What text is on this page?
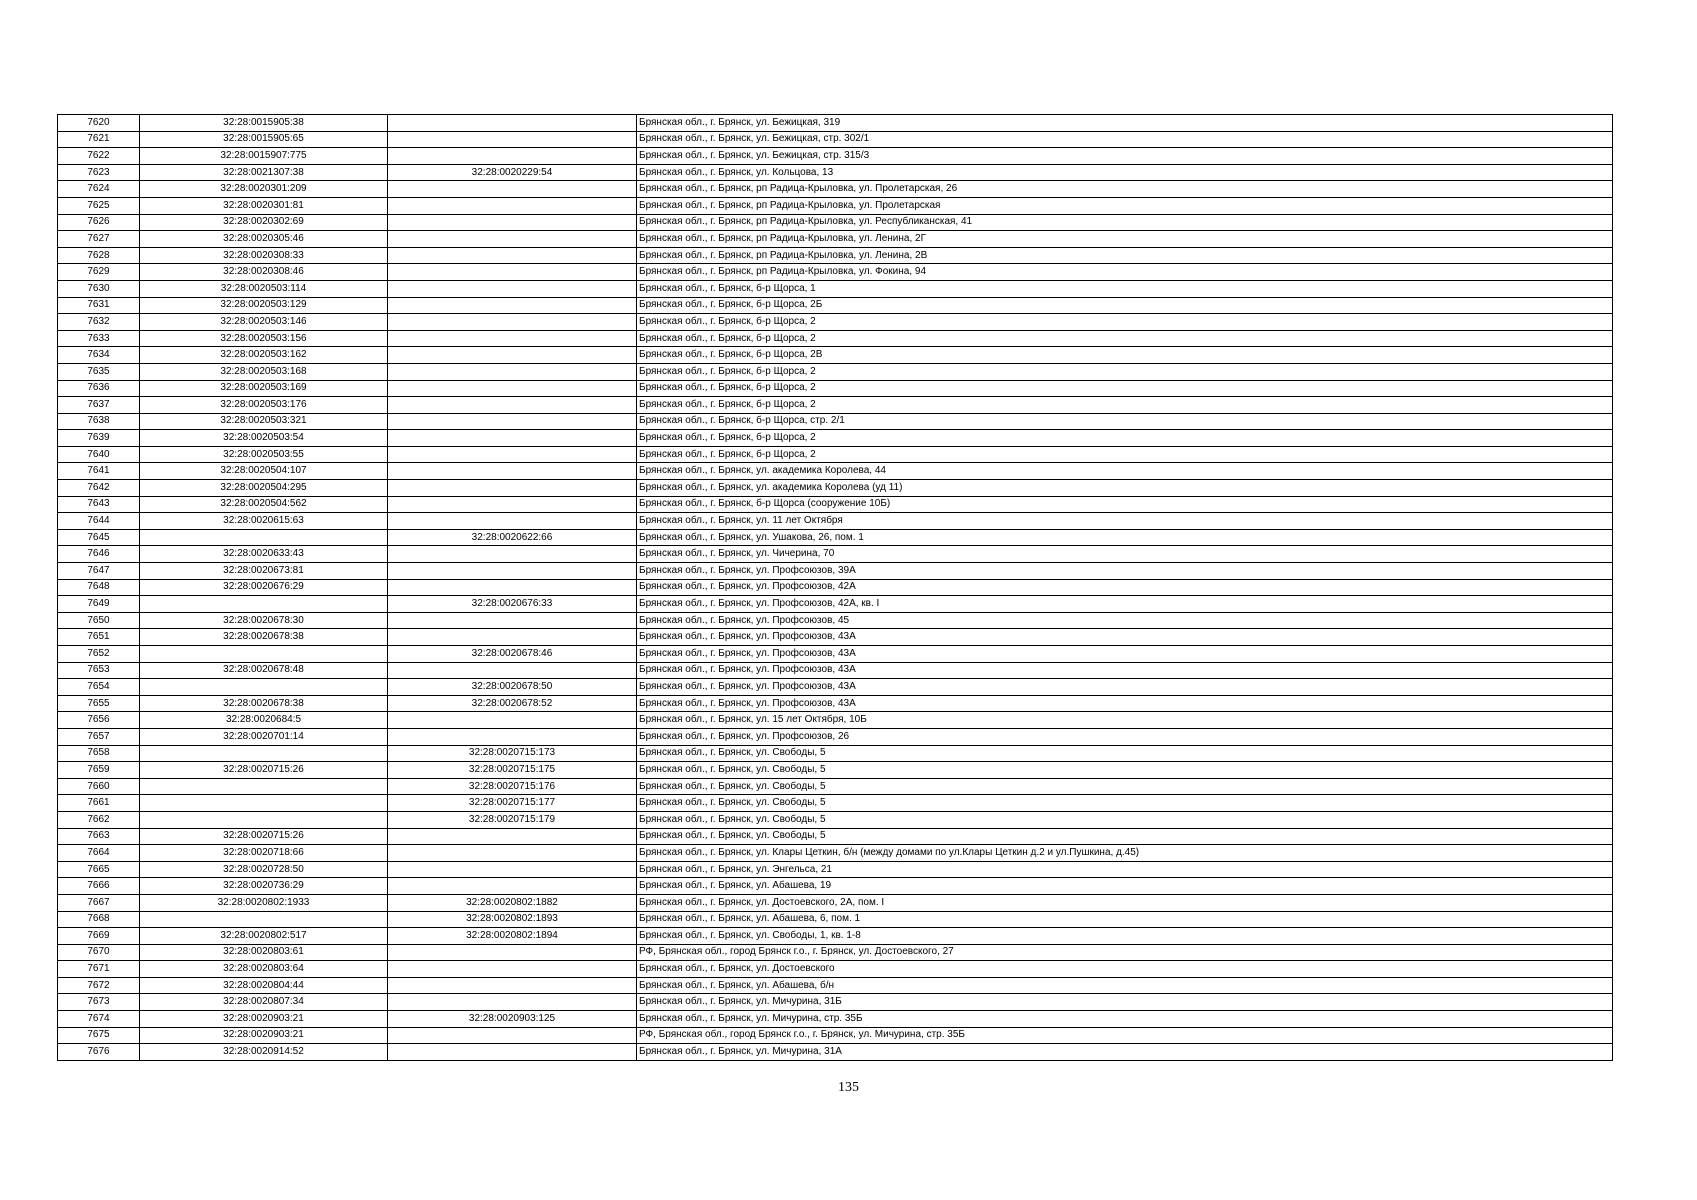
7620	32:28:0015905:38		Брянская обл., г. Брянск, ул. Бежицкая, 319
7621	32:28:0015905:65		Брянская обл., г. Брянск, ул. Бежицкая, стр. 302/1
7622	32:28:0015907:775		Брянская обл., г. Брянск, ул. Бежицкая, стр. 315/3
7623	32:28:0021307:38	32:28:0020229:54	Брянская обл., г. Брянск, ул. Кольцова, 13
7624	32:28:0020301:209		Брянская обл., г. Брянск, рп Радица-Крыловка, ул. Пролетарская, 26
7625	32:28:0020301:81		Брянская обл., г. Брянск, рп Радица-Крыловка, ул. Пролетарская
7626	32:28:0020302:69		Брянская обл., г. Брянск, рп Радица-Крыловка, ул. Республиканская, 41
7627	32:28:0020305:46		Брянская обл., г. Брянск, рп Радица-Крыловка, ул. Ленина, 2Г
7628	32:28:0020308:33		Брянская обл., г. Брянск, рп Радица-Крыловка, ул. Ленина, 2В
7629	32:28:0020308:46		Брянская обл., г. Брянск, рп Радица-Крыловка, ул. Фокина, 94
7630	32:28:0020503:114		Брянская обл., г. Брянск, б-р Щорса, 1
7631	32:28:0020503:129		Брянская обл., г. Брянск, б-р Щорса, 2Б
7632	32:28:0020503:146		Брянская обл., г. Брянск, б-р Щорса, 2
7633	32:28:0020503:156		Брянская обл., г. Брянск, б-р Щорса, 2
7634	32:28:0020503:162		Брянская обл., г. Брянск, б-р Щорса, 2В
7635	32:28:0020503:168		Брянская обл., г. Брянск, б-р Щорса, 2
7636	32:28:0020503:169		Брянская обл., г. Брянск, б-р Щорса, 2
7637	32:28:0020503:176		Брянская обл., г. Брянск, б-р Щорса, 2
7638	32:28:0020503:321		Брянская обл., г. Брянск, б-р Щорса, стр. 2/1
7639	32:28:0020503:54		Брянская обл., г. Брянск, б-р Щорса, 2
7640	32:28:0020503:55		Брянская обл., г. Брянск, б-р Щорса, 2
7641	32:28:0020504:107		Брянская обл., г. Брянск, ул. академика Королева, 44
7642	32:28:0020504:295		Брянская обл., г. Брянск, ул. академика Королева (уд 11)
7643	32:28:0020504:562		Брянская обл., г. Брянск, б-р Щорса (сооружение 10Б)
7644	32:28:0020615:63		Брянская обл., г. Брянск, ул. 11 лет Октября
7645		32:28:0020622:66	Брянская обл., г. Брянск, ул. Ушакова, 26, пом. 1
7646	32:28:0020633:43		Брянская обл., г. Брянск, ул. Чичерина, 70
7647	32:28:0020673:81		Брянская обл., г. Брянск, ул. Профсоюзов, 39А
7648	32:28:0020676:29		Брянская обл., г. Брянск, ул. Профсоюзов, 42А
7649		32:28:0020676:33	Брянская обл., г. Брянск, ул. Профсоюзов, 42А, кв. I
7650	32:28:0020678:30		Брянская обл., г. Брянск, ул. Профсоюзов, 45
7651	32:28:0020678:38		Брянская обл., г. Брянск, ул. Профсоюзов, 43А
7652		32:28:0020678:46	Брянская обл., г. Брянск, ул. Профсоюзов, 43А
7653	32:28:0020678:48		Брянская обл., г. Брянск, ул. Профсоюзов, 43А
7654		32:28:0020678:50	Брянская обл., г. Брянск, ул. Профсоюзов, 43А
7655	32:28:0020678:38	32:28:0020678:52	Брянская обл., г. Брянск, ул. Профсоюзов, 43А
7656	32:28:0020684:5		Брянская обл., г. Брянск, ул. 15 лет Октября, 10Б
7657	32:28:0020701:14		Брянская обл., г. Брянск, ул. Профсоюзов, 26
7658		32:28:0020715:173	Брянская обл., г. Брянск, ул. Свободы, 5
7659	32:28:0020715:26	32:28:0020715:175	Брянская обл., г. Брянск, ул. Свободы, 5
7660		32:28:0020715:176	Брянская обл., г. Брянск, ул. Свободы, 5
7661		32:28:0020715:177	Брянская обл., г. Брянск, ул. Свободы, 5
7662		32:28:0020715:179	Брянская обл., г. Брянск, ул. Свободы, 5
7663	32:28:0020715:26		Брянская обл., г. Брянск, ул. Свободы, 5
7664	32:28:0020718:66		Брянская обл., г. Брянск, ул. Клары Цеткин, б/н (между домами по ул.Клары Цеткин д.2 и ул.Пушкина, д.45)
7665	32:28:0020728:50		Брянская обл., г. Брянск, ул. Энгельса, 21
7666	32:28:0020736:29		Брянская обл., г. Брянск, ул. Абашева, 19
7667	32:28:0020802:1933	32:28:0020802:1882	Брянская обл., г. Брянск, ул. Достоевского, 2А, пом. I
7668		32:28:0020802:1893	Брянская обл., г. Брянск, ул. Абашева, 6, пом. 1
7669	32:28:0020802:517	32:28:0020802:1894	Брянская обл., г. Брянск, ул. Свободы, 1, кв. 1-8
7670	32:28:0020803:61		РФ, Брянская обл., город Брянск г.о., г. Брянск, ул. Достоевского, 27
7671	32:28:0020803:64		Брянская обл., г. Брянск, ул. Достоевского
7672	32:28:0020804:44		Брянская обл., г. Брянск, ул. Абашева, б/н
7673	32:28:0020807:34		Брянская обл., г. Брянск, ул. Мичурина, 31Б
7674	32:28:0020903:21	32:28:0020903:125	Брянская обл., г. Брянск, ул. Мичурина, стр. 35Б
7675	32:28:0020903:21		РФ, Брянская обл., город Брянск г.о., г. Брянск, ул. Мичурина, стр. 35Б
7676	32:28:0020914:52		Брянская обл., г. Брянск, ул. Мичурина, 31А
135
